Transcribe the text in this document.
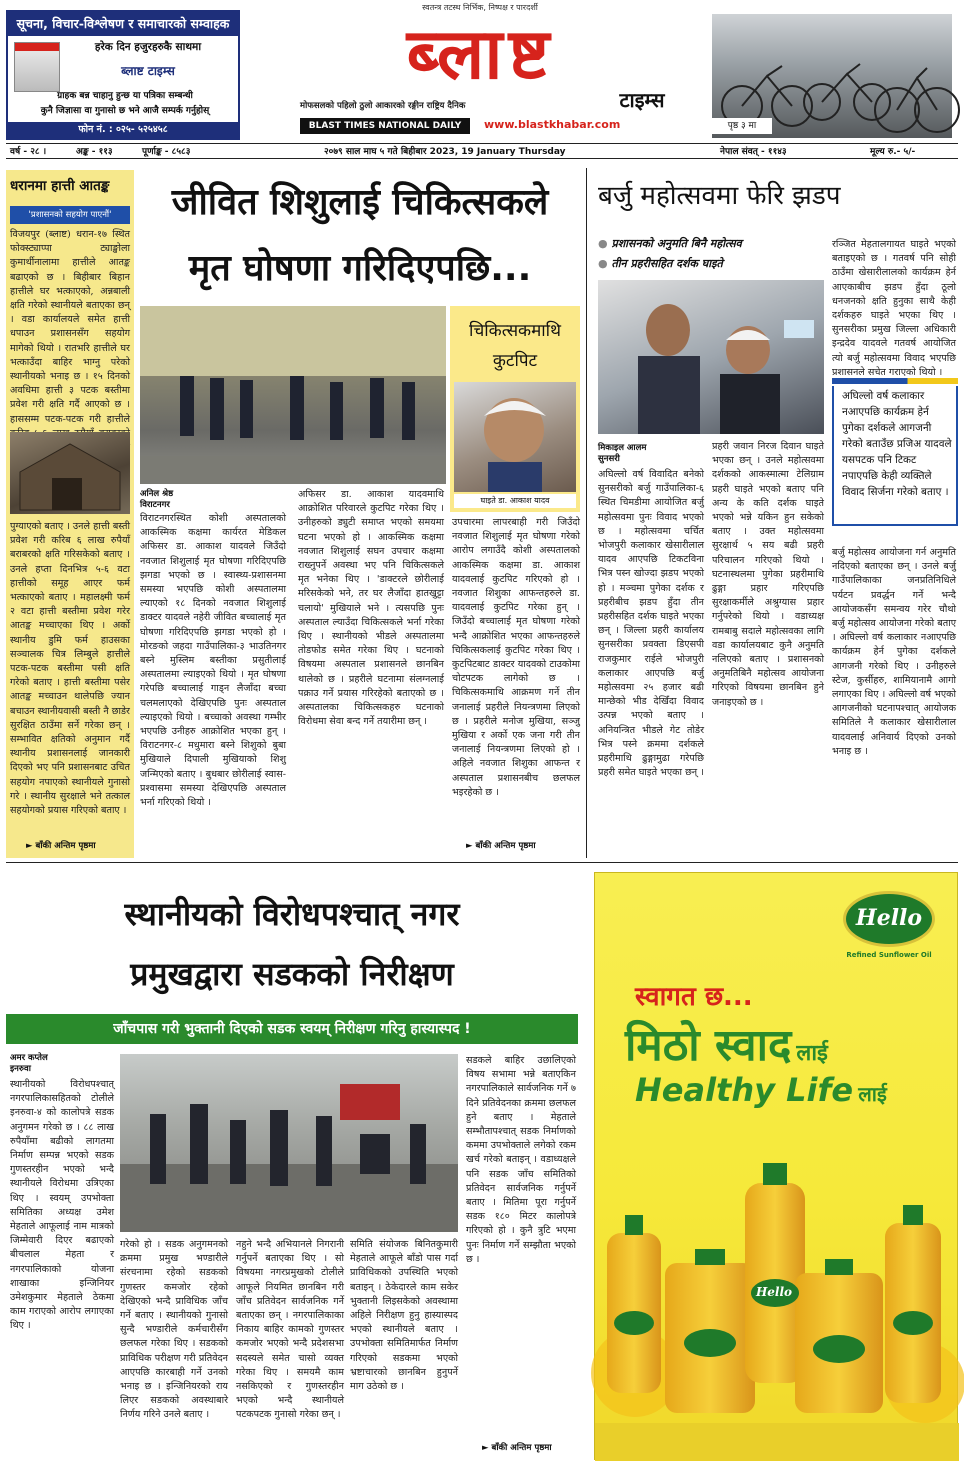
सूचना, विचार-विश्लेषण र समाचारको सम्वाहक
हरेक दिन हजुरहरुकै साथमा
ब्लाष्ट टाइम्स
ग्राहक बन्न चाहानु हुन्छ या पत्रिका सम्बन्धी
कुनै जिज्ञासा वा गुनासो छ भने आजै सम्पर्क गर्नुहोस्
फोन नं. : ०२५- ५२५४५८
स्वतन्त्र तटस्थ निर्भिक, निष्पक्ष र पारदर्शी
ब्लाष्ट
मोफसलको पहिलो ठुलो आकारको रङ्गीन राष्ट्रिय दैनिक	टाइम्स
BLAST TIMES NATIONAL DAILY	www.blastkhabar.com	पृष्ठ ३ मा
वर्ष - २८ ।	अङ्क - ११३	पूर्णाङ्क - ८५८३	२०७९ साल माघ ५ गते बिहीबार 2023, 19 January Thursday	नेपाल संवत् - ११४३	मूल्य रु.- ५/-
धरानमा हात्ती आतङ्क
'प्रशासनको सहयोग पाएनौं'
विजयपुर (ब्लाष्ट) धरान-१७ स्थित फोक्स्ट्याप्पा ट्याङ्खोला कुमार्थीनालामा हात्तीले आतङ्क बढाएको छ । बिहीबार बिहान हात्तीले घर भत्काएको, अन्नबाली क्षति गरेको स्थानीयले बताएका छन् । वडा कार्यालयले समेत हात्ती धपाउन प्रशासनसँग सहयोग मागेको थियो । रातभरि हात्तीले घर भत्काउँदा बाहिर भाग्नु परेको स्थानीयको भनाइ छ । १५ दिनको अवधिमा हात्ती ३ पटक बस्तीमा प्रवेश गरी क्षति गर्दै आएको छ । हाससम्म पटक-पटक गरी हात्तीले
पुग्याएको बताए । उनले हात्ती बस्ती प्रवेश गरी करिब ६ लाख रुपैयाँ बराबरको क्षति गरिसकेको बताए । उनले हप्ता दिनभित्र ५-६ वटा हात्तीको समूह आएर फर्म भत्काएको बताए । महालक्ष्मी फर्म २ वटा हात्ती बस्तीमा प्रवेश गरेर आतङ्क मच्चाएका थिए । अर्को स्थानीय डुमि फर्म हाउसका सञ्चालक चित्र लिम्बुले हात्तीले पटक-पटक बस्तीमा पसी क्षति गरेको बताए । हात्ती बस्तीमा पसेर आतङ्क मच्चाउन थालेपछि ज्यान बचाउन स्थानीयवासी बस्ती नै छाडेर सुरक्षित ठाउँमा सर्ने गरेका छन् । सम्भावित क्षतिको अनुमान गर्दै स्थानीय प्रशासनलाई जानकारी दिएको भए पनि प्रशासनबाट उचित सहयोग नपाएको स्थानीयले गुनासो गरे । स्थानीय सुरक्षाले भने तत्काल सहयोगको प्रयास गरिएको बताए ।
► बाँकी अन्तिम पृष्ठमा
जीवित शिशुलाई चिकित्सकले
मृत घोषणा गरिदिएपछि...
चिकित्सकमाथि
कुटपिट
घाइते डा. आकाश यादव
अनिल श्रेष्ठ
विराटनगर
विराटनगरस्थित कोशी अस्पतालको आकस्मिक कक्षमा कार्यरत मेडिकल अफिसर डा. आकाश यादवले जिउँदो नवजात शिशुलाई मृत घोषणा गरिदिएपछि झगडा भएको छ । स्वास्थ्य-प्रशासनमा समस्या भएपछि कोशी अस्पतालमा ल्याएको १८ दिनको नवजात शिशुलाई डाक्टर यादवले नहेरी जीवित बच्चालाई मृत घोषणा गरिदिएपछि झगडा भएको हो । मोरङको जहदा गाउँपालिका-३ भाउतिनगर बस्ने मुस्लिम बस्तीका प्रसुतीलाई अस्पतालमा ल्याइएको थियो । मृत घोषणा गरेपछि बच्चालाई गाड्न लैजाँदा बच्चा चलमलाएको देखिएपछि पुनः अस्पताल ल्याइएको थियो । बच्चाको अवस्था गम्भीर भएपछि उनीहरु आक्रोशित भएका हुन् । विराटनगर-८ मधुमारा बस्ने शिशुको बुबा मुखियाले दिपाली मुखियाको शिशु जन्मिएको बताए । बुधबार छोरीलाई स्वास-प्रश्वासमा समस्या देखिएपछि अस्पताल भर्ना गरिएको थियो ।
अफिसर डा. आकाश यादवमाथि आक्रोशित परिवारले कुटपिट गरेका थिए । उनीहरुको ड्युटी समाप्त भएको समयमा घटना भएको हो । आकस्मिक कक्षमा नवजात शिशुलाई सघन उपचार कक्षमा राख्नुपर्ने अवस्था भए पनि चिकित्सकले मृत भनेका थिए । 'डाक्टरले छोरीलाई मरिसकेको भने, तर घर लैजाँदा हातखुट्टा चलायो' मुखियाले भने । त्यसपछि पुनः अस्पताल ल्याउँदा चिकित्सकले भर्ना गरेका थिए । स्थानीयको भीडले अस्पतालमा तोडफोड समेत गरेका थिए । घटनाको विषयमा अस्पताल प्रशासनले छानबिन थालेको छ । प्रहरीले घटनामा संलग्नलाई पक्राउ गर्ने प्रयास गरिरहेको बताएको छ । अस्पतालका चिकित्सकहरु घटनाको विरोधमा सेवा बन्द गर्ने तयारीमा छन् ।
उपचारमा लापरबाही गरी जिउँदो नवजात शिशुलाई मृत घोषणा गरेको आरोप लगाउँदै कोशी अस्पतालको आकस्मिक कक्षमा डा. आकाश यादवलाई कुटपिट गरिएको हो । नवजात शिशुका आफन्तहरुले डा. यादवलाई कुटपिट गरेका हुन् । जिउँदो बच्चालाई मृत घोषणा गरेको भन्दै आक्रोशित भएका आफन्तहरुले चिकित्सकलाई कुटपिट गरेका थिए । कुटपिटबाट डाक्टर यादवको टाउकोमा चोटपटक लागेको छ । चिकित्सकमाथि आक्रमण गर्ने तीन जनालाई प्रहरीले नियन्त्रणमा लिएको छ । प्रहरीले मनोज मुखिया, सञ्जु मुखिया र अर्को एक जना गरी तीन जनालाई नियन्त्रणमा लिएको हो । अहिले नवजात शिशुका आफन्त र अस्पताल प्रशासनबीच छलफल भइरहेको छ ।
► बाँकी अन्तिम पृष्ठमा
बर्जु महोत्सवमा फेरि झडप
● प्रशासनको अनुमति बिनै महोत्सव
● तीन प्रहरीसहित दर्शक घाइते
रञ्जित मेहतालगायत घाइते भएको बताइएको छ । गतवर्ष पनि सोही ठाउँमा खेसारीलालको कार्यक्रम हेर्न आएकाबीच झडप हुँदा ठूलो धनजनको क्षति हुनुका साथै केही दर्शकहरु घाइते भएका थिए । सुनसरीका प्रमुख जिल्ला अधिकारी इन्द्रदेव यादवले गतवर्ष आयोजित त्यो बर्जु महोत्सवमा विवाद भएपछि प्रशासनले सचेत गराएको थियो ।
अघिल्लो वर्ष कलाकार नआएपछि कार्यक्रम हेर्न पुगेका दर्शकले आगजनी गरेको बताउँछ प्रजिअ यादवले यसपटक पनि टिकट नपाएपछि केही व्यक्तिले विवाद सिर्जना गरेको बताए ।
मिकाइल आलम
सुनसरी
अघिल्लो वर्ष विवादित बनेको सुनसरीको बर्जु गाउँपालिका-६ स्थित चिमडीमा आयोजित बर्जु महोत्सवमा पुनः विवाद भएको छ । महोत्सवमा चर्चित भोजपुरी कलाकार खेसारीलाल यादव आएपछि टिकटविना भित्र पस्न खोज्दा झडप भएको हो । मञ्चमा पुगेका दर्शक र प्रहरीबीच झडप हुँदा तीन प्रहरीसहित दर्शक घाइते भएका छन् । जिल्ला प्रहरी कार्यालय सुनसरीका प्रवक्ता डिएसपी राजकुमार राईले भोजपुरी कलाकार आएपछि बर्जु महोत्सवमा २५ हजार बढी मान्छेको भीड देखिँदा विवाद उत्पन्न भएको बताए । अनियन्त्रित भीडले गेट तोडेर भित्र पस्ने क्रममा दर्शकले प्रहरीमाथि ढुङ्गामुढा गरेपछि प्रहरी समेत घाइते भएका छन् ।
प्रहरी जवान निरज दिवान घाइते भएका छन् । उनले महोत्सवमा दर्शकको आकस्मात्मा टेलिग्राम प्रहरी घाइते भएको बताए पनि अन्य के कति दर्शक घाइते भएको भन्ने यकिन हुन सकेको बताए । उक्त महोत्सवमा सुरक्षार्थ ५ सय बढी प्रहरी परिचालन गरिएको थियो । घटनास्थलमा पुगेका प्रहरीमाथि ढुङ्गा प्रहार गरिएपछि सुरक्षाकर्मीले अश्रुग्यास प्रहार गर्नुपरेको थियो । वडाध्यक्ष रामबाबु सदाले महोत्सवका लागि वडा कार्यालयबाट कुनै अनुमति नलिएको बताए । प्रशासनको अनुमतिबिनै महोत्सव आयोजना गरिएको विषयमा छानबिन हुने जनाइएको छ ।
बर्जु महोत्सव आयोजना गर्न अनुमति नदिएको बताएका छन् । उनले बर्जु गाउँपालिकाका जनप्रतिनिधिले पर्यटन प्रवर्द्धन गर्ने भन्दै आयोजकसँग समन्वय गरेर चौथो बर्जु महोत्सव आयोजना गरेको बताए । अघिल्लो वर्ष कलाकार नआएपछि कार्यक्रम हेर्न पुगेका दर्शकले आगजनी गरेको थिए । उनीहरुले स्टेज, कुर्सीहरु, शामियानामै आगो लगाएका थिए । अघिल्लो वर्ष भएको आगजनीको घटनापश्चात् आयोजक समितिले नै कलाकार खेसारीलाल यादवलाई अनिवार्य दिएको उनको भनाइ छ ।
स्थानीयको विरोधपश्चात् नगर
प्रमुखद्वारा सडकको निरीक्षण
जाँचपास गरी भुक्तानी दिएको सडक स्वयम् निरीक्षण गरिनु हास्यास्पद !
अमर कप्तेल
इनरुवा
स्थानीयको विरोधपश्चात् नगरपालिकासहितको टोलीले इनरुवा-४ को कालोपत्रे सडक अनुगमन गरेको छ । ८८ लाख रुपैयाँमा बढीको लागतमा निर्माण सम्पन्न भएको सडक गुणस्तरहीन भएको भन्दै स्थानीयले विरोधमा उत्रिएका थिए । स्वयम् उपभोक्ता समितिका अध्यक्ष उमेश मेहताले आफूलाई नाम मात्रको जिम्मेवारी दिएर बढाएको बीचलाल मेहता र नगरपालिकाको योजना शाखाका इन्जिनियर उमेशकुमार मेहताले ठेकमा काम गराएको आरोप लगाएका थिए ।
गरेको हो । सडक अनुगमनको क्रममा प्रमुख भण्डारीले संरचनामा रहेको सडकको गुणस्तर कमजोर रहेको देखिएको भन्दै प्राविधिक जाँच गर्ने बताए । स्थानीयको गुनासो सुन्दै भण्डारीले कर्मचारीसँग छलफल गरेका थिए । सडकको प्राविधिक परीक्षण गरी प्रतिवेदन आएपछि कारबाही गर्ने उनको भनाइ छ । इन्जिनियरको राय लिएर सडकको अवस्थाबारे निर्णय गरिने उनले बताए ।
नहुने भन्दै अभियानले निगरानी गर्नुपर्ने बताएका थिए । सो विषयमा नगरप्रमुखको टोलीले आफूले नियमित छानबिन गरी जाँच प्रतिवेदन सार्वजनिक गर्ने बताएका छन् । नगरपालिकाका निकाय बाहिर कामको गुणस्तर कमजोर भएको भन्दै प्रदेशसभा सदस्यले समेत चासो व्यक्त गरेका थिए । समयमै काम नसकिएको र गुणस्तरहीन भएको भन्दै स्थानीयले पटकपटक गुनासो गरेका छन् ।
समिति संयोजक बिनितकुमारी मेहताले आफूले बाँडो पास गर्दा प्राविधिकको उपस्थिति भएको बताइन् । ठेकेदारले काम सकेर भुक्तानी लिइसकेको अवस्थामा अहिले निरीक्षण हुनु हास्यास्पद भएको स्थानीयले बताए । उपभोक्ता समितिमार्फत निर्माण गरिएको सडकमा भएको भ्रष्टाचारको छानबिन हुनुपर्ने माग उठेको छ ।
सडकले बाहिर उछालिएको विषय सभामा भन्ने बताएकिन नगरपालिकाले सार्वजनिक गर्ने ७ दिने प्रतिवेदनका क्रममा छलफल हुने बताए । मेहताले सम्भौतापश्चात् सडक निर्माणको कममा उपभोक्ताले लगेको रकम खर्च गरेको बताइन् । वडाध्यक्षले पनि सडक जाँच समितिको प्रतिवेदन सार्वजनिक गर्नुपर्ने बताए । मितिमा पूरा गर्नुपर्ने सडक १८० मिटर कालोपत्रे गरिएको हो । कुनै त्रुटि भएमा पुनः निर्माण गर्ने सम्झौता भएको छ ।
► बाँकी अन्तिम पृष्ठमा
Hello
Refined Sunflower Oil
स्वागत छ...
मिठो स्वाद लाई
Healthy Life लाई
Hello
